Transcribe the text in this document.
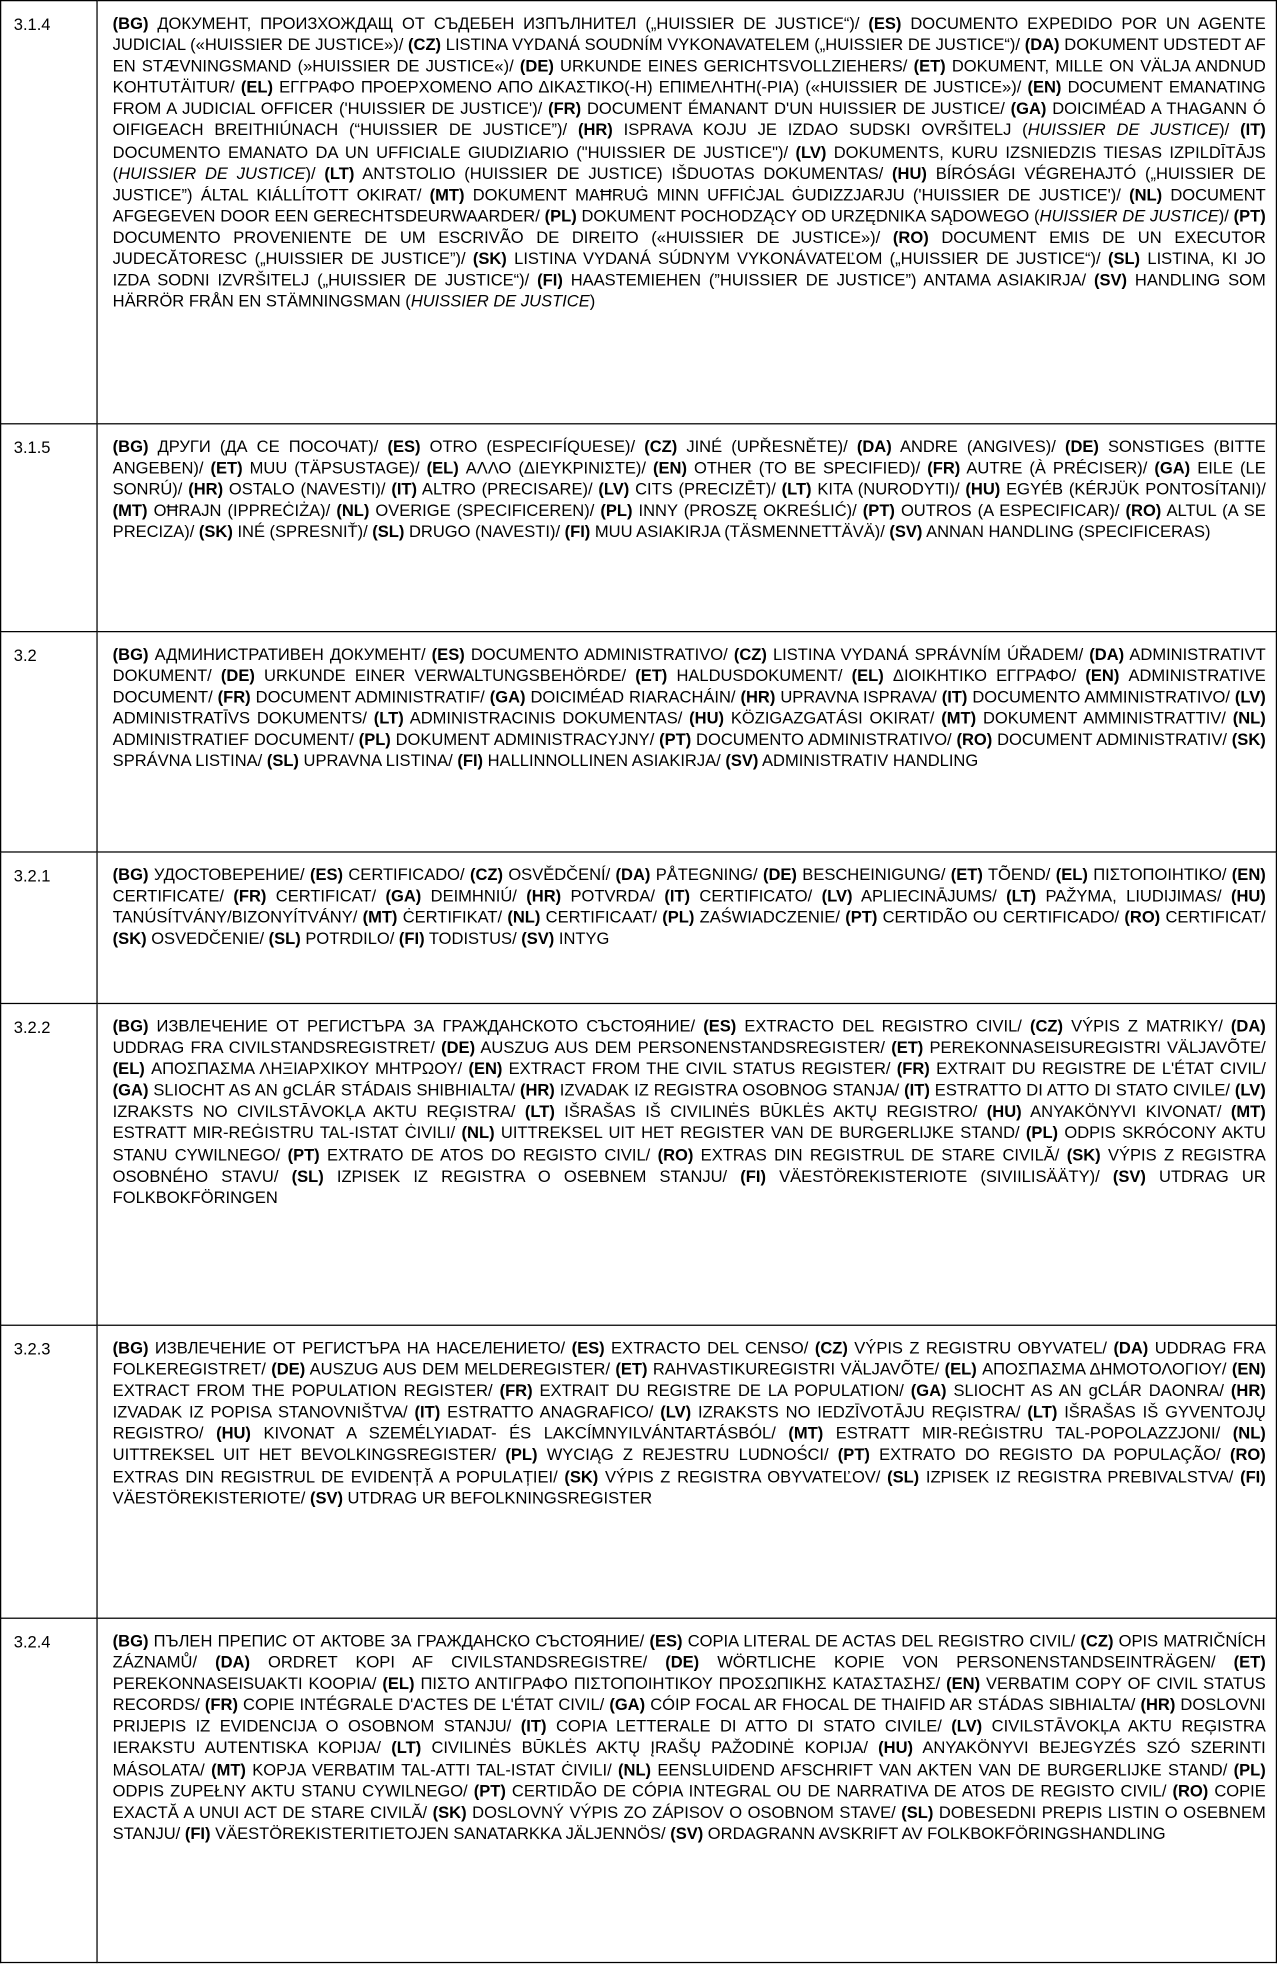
3.1.4	(BG) ДОКУМЕНТ, ПРОИЗХОЖДАЩ ОТ СЪДЕБЕН ИЗПЪЛНИТЕЛ („HUISSIER DE JUSTICE“)/ (ES) DOCUMENTO EXPEDIDO POR UN AGENTE JUDICIAL («HUISSIER DE JUSTICE»)/ (CZ) LISTINA VYDANÁ SOUDNÍM VYKONAVATELEM („HUISSIER DE JUSTICE“)/ (DA) DOKUMENT UDSTEDT AF EN STÆVNINGSMAND (»HUISSIER DE JUSTICE«)/ (DE) URKUNDE EINES GERICHTSVOLLZIEHERS/ (ET) DOKUMENT, MILLE ON VÄLJA ANDNUD KOHTUTÄITUR/ (EL) ΕΓΓΡΑΦΟ ΠΡΟΕΡΧΟΜΕΝΟ ΑΠΟ ΔΙΚΑΣΤΙΚΟ(-Η) ΕΠΙΜΕΛΗΤΗ(-ΡΙΑ) («HUISSIER DE JUSTICE»)/ (EN) DOCUMENT EMANATING FROM A JUDICIAL OFFICER ('HUISSIER DE JUSTICE')/ (FR) DOCUMENT ÉMANANT D'UN HUISSIER DE JUSTICE/ (GA) DOICIMÉAD A THAGANN Ó OIFIGEACH BREITHIÚNACH (“HUISSIER DE JUSTICE”)/ (HR) ISPRAVA KOJU JE IZDAO SUDSKI OVRŠITELJ (HUISSIER DE JUSTICE)/ (IT) DOCUMENTO EMANATO DA UN UFFICIALE GIUDIZIARIO ("HUISSIER DE JUSTICE")/ (LV) DOKUMENTS, KURU IZSNIEDZIS TIESAS IZPILDĪTĀJS (HUISSIER DE JUSTICE)/ (LT) ANTSTOLIO (HUISSIER DE JUSTICE) IŠDUOTAS DOKUMENTAS/ (HU) BÍRÓSÁGI VÉGREHAJTÓ („HUISSIER DE JUSTICE”) ÁLTAL KIÁLLÍTOTT OKIRAT/ (MT) DOKUMENT MAĦRUĠ MINN UFFIĊJAL ĠUDIZZJARJU ('HUISSIER DE JUSTICE')/ (NL) DOCUMENT AFGEGEVEN DOOR EEN GERECHTSDEURWAARDER/ (PL) DOKUMENT POCHODZĄCY OD URZĘDNIKA SĄDOWEGO (HUISSIER DE JUSTICE)/ (PT) DOCUMENTO PROVENIENTE DE UM ESCRIVÃO DE DIREITO («HUISSIER DE JUSTICE»)/ (RO) DOCUMENT EMIS DE UN EXECUTOR JUDECĂTORESC („HUISSIER DE JUSTICE”)/ (SK) LISTINA VYDANÁ SÚDNYM VYKONÁVATEĽOM („HUISSIER DE JUSTICE“)/ (SL) LISTINA, KI JO IZDA SODNI IZVRŠITELJ („HUISSIER DE JUSTICE“)/ (FI) HAASTEMIEHEN (”HUISSIER DE JUSTICE”) ANTAMA ASIAKIRJA/ (SV) HANDLING SOM HÄRRÖR FRÅN EN STÄMNINGSMAN (HUISSIER DE JUSTICE)
3.1.5	(BG) ДРУГИ (ДА СЕ ПОСОЧАТ)/ (ES) OTRO (ESPECIFÍQUESE)/ (CZ) JINÉ (UPŘESNĚTE)/ (DA) ANDRE (ANGIVES)/ (DE) SONSTIGES (BITTE ANGEBEN)/ (ET) MUU (TÄPSUSTAGE)/ (EL) ΑΛΛΟ (ΔΙΕΥΚΡΙΝΙΣΤΕ)/ (EN) OTHER (TO BE SPECIFIED)/ (FR) AUTRE (À PRÉCISER)/ (GA) EILE (LE SONRÚ)/ (HR) OSTALO (NAVESTI)/ (IT) ALTRO (PRECISARE)/ (LV) CITS (PRECIZĒT)/ (LT) KITA (NURODYTI)/ (HU) EGYÉB (KÉRJÜK PONTOSÍTANI)/ (MT) OĦRAJN (IPPREĊIŻA)/ (NL) OVERIGE (SPECIFICEREN)/ (PL) INNY (PROSZĘ OKREŚLIĆ)/ (PT) OUTROS (A ESPECIFICAR)/ (RO) ALTUL (A SE PRECIZA)/ (SK) INÉ (SPRESNIŤ)/ (SL) DRUGO (NAVESTI)/ (FI) MUU ASIAKIRJA (TÄSMENNETTÄVÄ)/ (SV) ANNAN HANDLING (SPECIFICERAS)
3.2	(BG) АДМИНИСТРАТИВЕН ДОКУМЕНТ/ (ES) DOCUMENTO ADMINISTRATIVO/ (CZ) LISTINA VYDANÁ SPRÁVNÍM ÚŘADEM/ (DA) ADMINISTRATIVT DOKUMENT/ (DE) URKUNDE EINER VERWALTUNGSBEHÖRDE/ (ET) HALDUSDOKUMENT/ (EL) ΔΙΟΙΚΗΤΙΚΟ ΕΓΓΡΑΦΟ/ (EN) ADMINISTRATIVE DOCUMENT/ (FR) DOCUMENT ADMINISTRATIF/ (GA) DOICIMÉAD RIARACHÁIN/ (HR) UPRAVNA ISPRAVA/ (IT) DOCUMENTO AMMINISTRATIVO/ (LV) ADMINISTRATĪVS DOKUMENTS/ (LT) ADMINISTRACINIS DOKUMENTAS/ (HU) KÖZIGAZGATÁSI OKIRAT/ (MT) DOKUMENT AMMINISTRATTIV/ (NL) ADMINISTRATIEF DOCUMENT/ (PL) DOKUMENT ADMINISTRACYJNY/ (PT) DOCUMENTO ADMINISTRATIVO/ (RO) DOCUMENT ADMINISTRATIV/ (SK) SPRÁVNA LISTINA/ (SL) UPRAVNA LISTINA/ (FI) HALLINNOLLINEN ASIAKIRJA/ (SV) ADMINISTRATIV HANDLING
3.2.1	(BG) УДОСТОВЕРЕНИЕ/ (ES) CERTIFICADO/ (CZ) OSVĚDČENÍ/ (DA) PÅTEGNING/ (DE) BESCHEINIGUNG/ (ET) TÕEND/ (EL) ΠΙΣΤΟΠΟΙΗΤΙΚΟ/ (EN) CERTIFICATE/ (FR) CERTIFICAT/ (GA) DEIMHNIÚ/ (HR) POTVRDA/ (IT) CERTIFICATO/ (LV) APLIECINĀJUMS/ (LT) PAŽYMA, LIUDIJIMAS/ (HU) TANÚSÍTVÁNY/BIZONYÍTVÁNY/ (MT) ĊERTIFIKAT/ (NL) CERTIFICAAT/ (PL) ZAŚWIADCZENIE/ (PT) CERTIDÃO OU CERTIFICADO/ (RO) CERTIFICAT/ (SK) OSVEDČENIE/ (SL) POTRDILO/ (FI) TODISTUS/ (SV) INTYG
3.2.2	(BG) ИЗВЛЕЧЕНИЕ ОТ РЕГИСТЪРА ЗА ГРАЖДАНСКОТО СЪСТОЯНИЕ/ (ES) EXTRACTO DEL REGISTRO CIVIL/ (CZ) VÝPIS Z MATRIKY/ (DA) UDDRAG FRA CIVILSTANDSREGISTRET/ (DE) AUSZUG AUS DEM PERSONENSTANDSREGISTER/ (ET) PEREKONNASEISUREGISTRI VÄLJAVÕTE/ (EL) ΑΠΟΣΠΑΣΜΑ ΛΗΞΙΑΡΧΙΚΟΥ ΜΗΤΡΩΟΥ/ (EN) EXTRACT FROM THE CIVIL STATUS REGISTER/ (FR) EXTRAIT DU REGISTRE DE L'ÉTAT CIVIL/ (GA) SLIOCHT AS AN gCLÁR STÁDAIS SHIBHIALTA/ (HR) IZVADAK IZ REGISTRA OSOBNOG STANJA/ (IT) ESTRATTO DI ATTO DI STATO CIVILE/ (LV) IZRAKSTS NO CIVILSTĀVOKĻA AKTU REĢISTRA/ (LT) IŠRAŠAS IŠ CIVILINĖS BŪKLĖS AKTŲ REGISTRO/ (HU) ANYAKÖNYVI KIVONAT/ (MT) ESTRATT MIR-REĠISTRU TAL-ISTAT ĊIVILI/ (NL) UITTREKSEL UIT HET REGISTER VAN DE BURGERLIJKE STAND/ (PL) ODPIS SKRÓCONY AKTU STANU CYWILNEGO/ (PT) EXTRATO DE ATOS DO REGISTO CIVIL/ (RO) EXTRAS DIN REGISTRUL DE STARE CIVILĂ/ (SK) VÝPIS Z REGISTRA OSOBNÉHO STAVU/ (SL) IZPISEK IZ REGISTRA O OSEBNEM STANJU/ (FI) VÄESTÖREKISTERIOTE (SIVIILISÄÄTY)/ (SV) UTDRAG UR FOLKBOKFÖRINGEN
3.2.3	(BG) ИЗВЛЕЧЕНИЕ ОТ РЕГИСТЪРА НА НАСЕЛЕНИЕТО/ (ES) EXTRACTO DEL CENSO/ (CZ) VÝPIS Z REGISTRU OBYVATEL/ (DA) UDDRAG FRA FOLKEREGISTRET/ (DE) AUSZUG AUS DEM MELDEREGISTER/ (ET) RAHVASTIKUREGISTRI VÄLJAVÕTE/ (EL) ΑΠΟΣΠΑΣΜΑ ΔΗΜΟΤΟΛΟΓΙΟΥ/ (EN) EXTRACT FROM THE POPULATION REGISTER/ (FR) EXTRAIT DU REGISTRE DE LA POPULATION/ (GA) SLIOCHT AS AN gCLÁR DAONRA/ (HR) IZVADAK IZ POPISA STANOVNIŠTVA/ (IT) ESTRATTO ANAGRAFICO/ (LV) IZRAKSTS NO IEDZĪVOTĀJU REĢISTRA/ (LT) IŠRAŠAS IŠ GYVENTOJŲ REGISTRO/ (HU) KIVONAT A SZEMÉLYIADAT- ÉS LAKCÍMNYILVÁNTARTÁSBÓL/ (MT) ESTRATT MIR-REĠISTRU TAL-POPOLAZZJONI/ (NL) UITTREKSEL UIT HET BEVOLKINGSREGISTER/ (PL) WYCIĄG Z REJESTRU LUDNOŚCI/ (PT) EXTRATO DO REGISTO DA POPULAÇÃO/ (RO) EXTRAS DIN REGISTRUL DE EVIDENȚĂ A POPULAȚIEI/ (SK) VÝPIS Z REGISTRA OBYVATEĽOV/ (SL) IZPISEK IZ REGISTRA PREBIVALSTVA/ (FI) VÄESTÖREKISTERIOTE/ (SV) UTDRAG UR BEFOLKNINGSREGISTER
3.2.4	(BG) ПЪЛЕН ПРЕПИС ОТ АКТОВЕ ЗА ГРАЖДАНСКО СЪСТОЯНИЕ/ (ES) COPIA LITERAL DE ACTAS DEL REGISTRO CIVIL/ (CZ) OPIS MATRIČNÍCH ZÁZNAMŮ/ (DA) ORDRET KOPI AF CIVILSTANDSREGISTRE/ (DE) WÖRTLICHE KOPIE VON PERSONENSTANDSEINTRÄGEN/ (ET) PEREKONNASEISUAKTI KOOPIA/ (EL) ΠΙΣΤΟ ΑΝΤΙΓΡΑΦΟ ΠΙΣΤΟΠΟΙΗΤΙΚΟΥ ΠΡΟΣΩΠΙΚΗΣ ΚΑΤΑΣΤΑΣΗΣ/ (EN) VERBATIM COPY OF CIVIL STATUS RECORDS/ (FR) COPIE INTÉGRALE D'ACTES DE L'ÉTAT CIVIL/ (GA) CÓIP FOCAL AR FHOCAL DE THAIFID AR STÁDAS SIBHIALTA/ (HR) DOSLOVNI PRIJEPIS IZ EVIDENCIJA O OSOBNOM STANJU/ (IT) COPIA LETTERALE DI ATTO DI STATO CIVILE/ (LV) CIVILSTĀVOKĻA AKTU REĢISTRA IERAKSTU AUTENTISKA KOPIJA/ (LT) CIVILINĖS BŪKLĖS AKTŲ ĮRAŠŲ PAŽODINĖ KOPIJA/ (HU) ANYAKÖNYVI BEJEGYZÉS SZÓ SZERINTI MÁSOLATA/ (MT) KOPJA VERBATIM TAL-ATTI TAL-ISTAT ĊIVILI/ (NL) EENSLUIDEND AFSCHRIFT VAN AKTEN VAN DE BURGERLIJKE STAND/ (PL) ODPIS ZUPEŁNY AKTU STANU CYWILNEGO/ (PT) CERTIDÃO DE CÓPIA INTEGRAL OU DE NARRATIVA DE ATOS DE REGISTO CIVIL/ (RO) COPIE EXACTĂ A UNUI ACT DE STARE CIVILĂ/ (SK) DOSLOVNÝ VÝPIS ZO ZÁPISOV O OSOBNOM STAVE/ (SL) DOBESEDNI PREPIS LISTIN O OSEBNEM STANJU/ (FI) VÄESTÖREKISTERITIETOJEN SANATARKKA JÄLJENNÖS/ (SV) ORDAGRANN AVSKRIFT AV FOLKBOKFÖRINGSHANDLING
